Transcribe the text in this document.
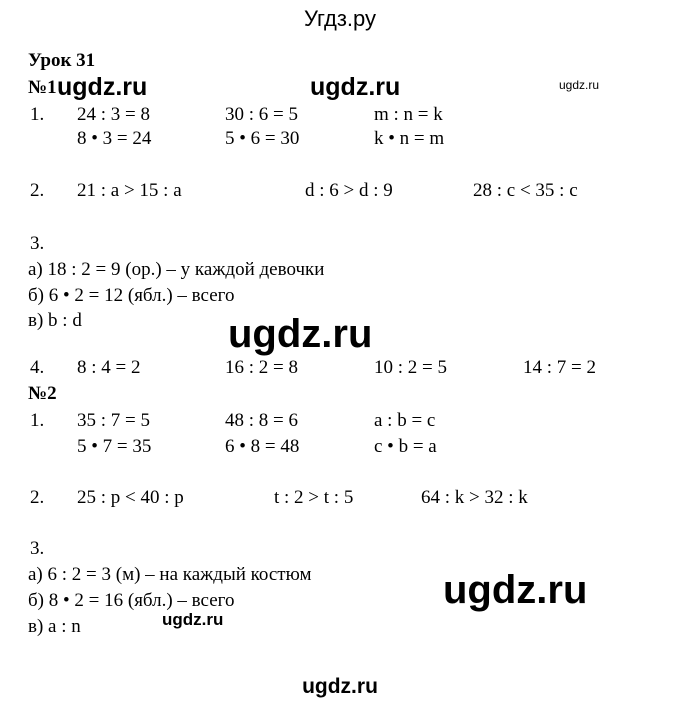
Угдз.ру
Урок 31
№1 ugdz.ru	ugdz.ru	ugdz.ru
1. 24 : 3 = 8	30 : 6 = 5	m : n = k
8 • 3 = 24	5 • 6 = 30	k • n = m
2. 21 : a > 15 : a	d : 6 > d : 9	28 : c < 35 : c
3.
а) 18 : 2 = 9 (ор.) – у каждой девочки
б) 6 • 2 = 12 (ябл.) – всего
в) b : d	ugdz.ru
4. 8 : 4 = 2	16 : 2 = 8	10 : 2 = 5	14 : 7 = 2
№2
1. 35 : 7 = 5	48 : 8 = 6	a : b = c
5 • 7 = 35	6 • 8 = 48	c • b = a
2. 25 : p < 40 : p	t : 2 > t : 5	64 : k > 32 : k
3.
а) 6 : 2 = 3 (м) – на каждый костюм
б) 8 • 2 = 16 (ябл.) – всего
в) a : n
ugdz.ru
ugdz.ru
ugdz.ru
